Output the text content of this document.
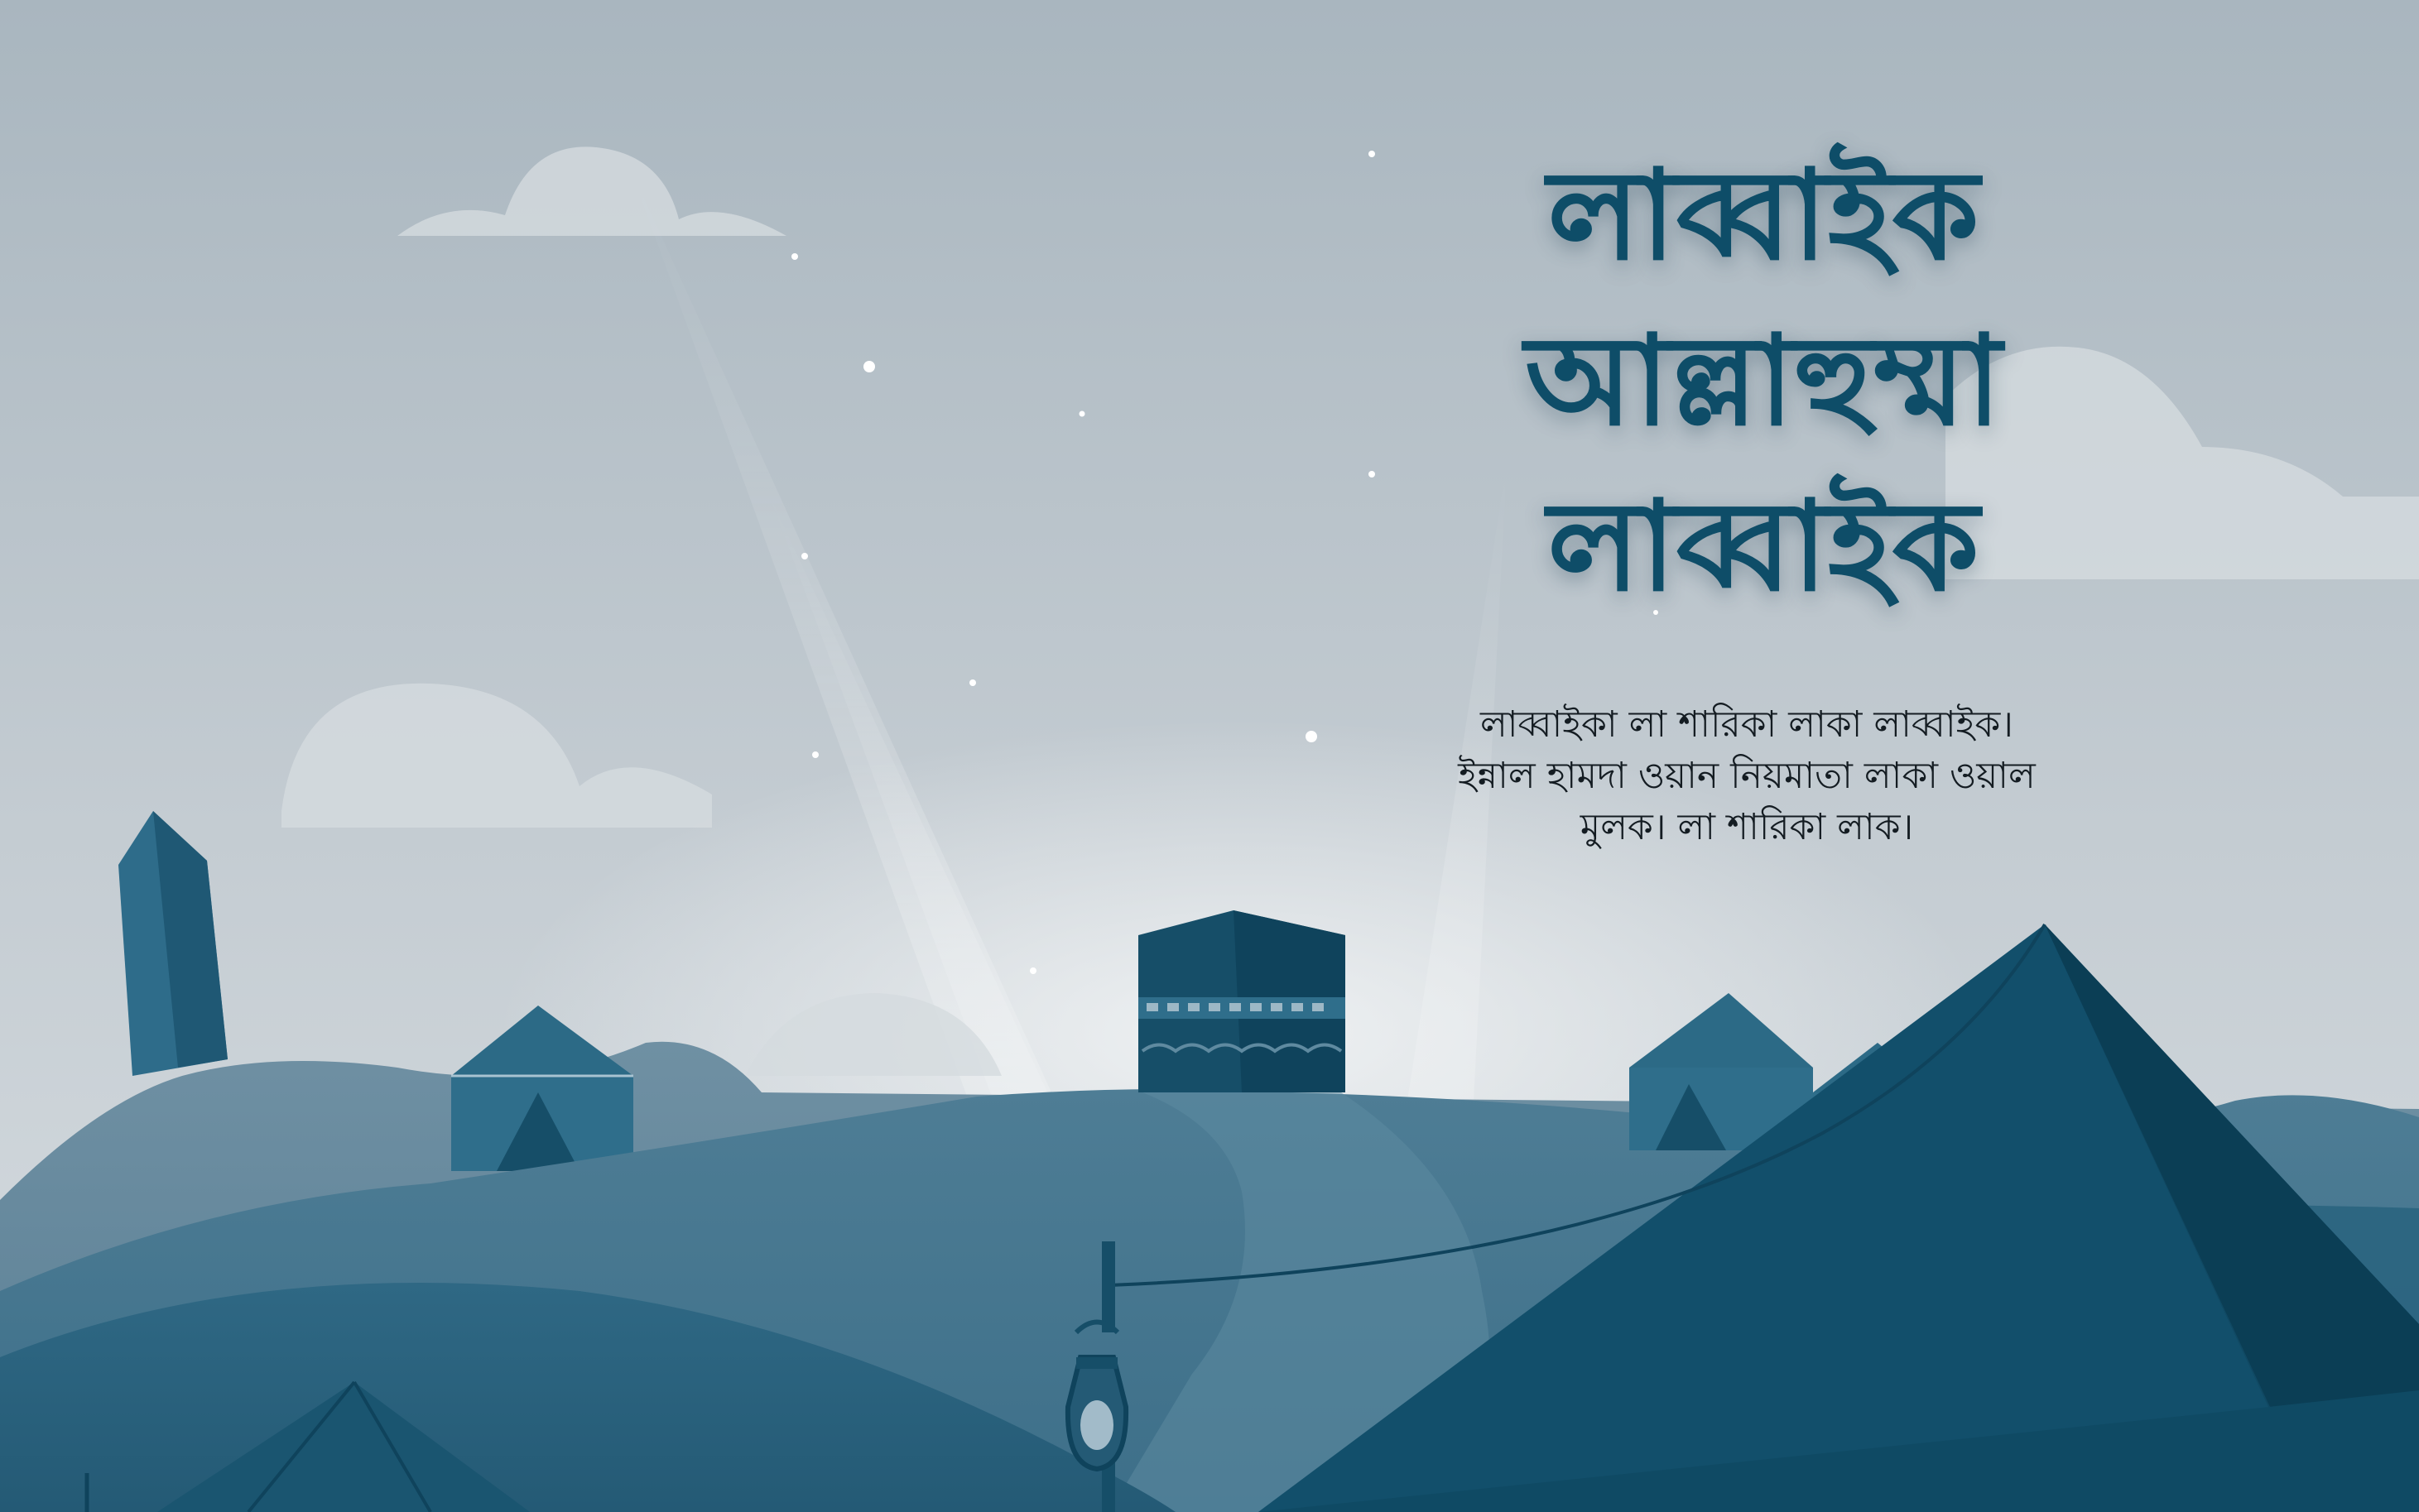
লাব্বাইক
আল্লাহুম্মা
লাব্বাইক
লাব্বাইকা লা শারিকা লাকা লাব্বাইক।
ইন্নাল হামদা ওয়ান নিয়মাতা লাকা ওয়াল
মুলক। লা শারিকা লাক।
